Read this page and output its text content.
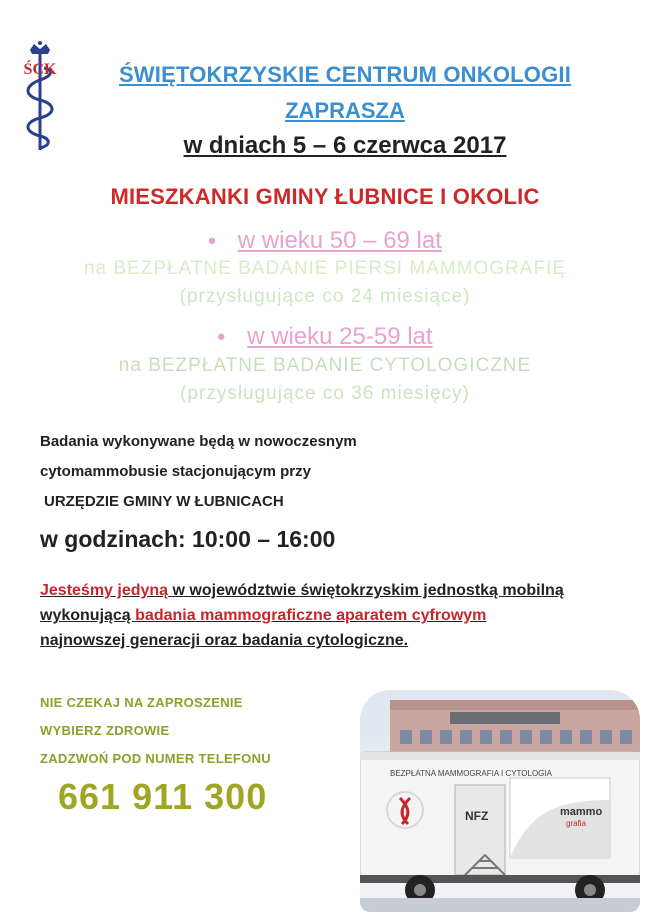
ŚCK	ŚWIĘTOKRZYSKIE CENTRUM ONKOLOGII
ZAPRASZA
w dniach 5 – 6 czerwca 2017
MIESZKANKI GMINY ŁUBNICE I OKOLIC
• w wieku 50 – 69 lat
na BEZPŁATNE BADANIE PIERSI MAMMOGRAFIĘ
(przysługujące co 24 miesiące)
• w wieku 25-59 lat
na BEZPŁATNE BADANIE CYTOLOGICZNE
(przysługujące co 36 miesięcy)
Badania wykonywane będą w nowoczesnym
cytomammobusie stacjonującym przy
URZĘDZIE GMINY W ŁUBNICACH
w godzinach: 10:00 – 16:00
Jesteśmy jedyną w województwie świętokrzyskim jednostką mobilną
wykonującą badania mammograficzne aparatem cyfrowym
najnowszej generacji oraz badania cytologiczne.
NIE CZEKAJ NA ZAPROSZENIE
WYBIERZ ZDROWIE
ZADZWOŃ POD NUMER TELEFONU
661 911 300
BEZPŁATNA MAMMOGRAFIA I CYTOLOGIA
NFZ	mammo
grafia
